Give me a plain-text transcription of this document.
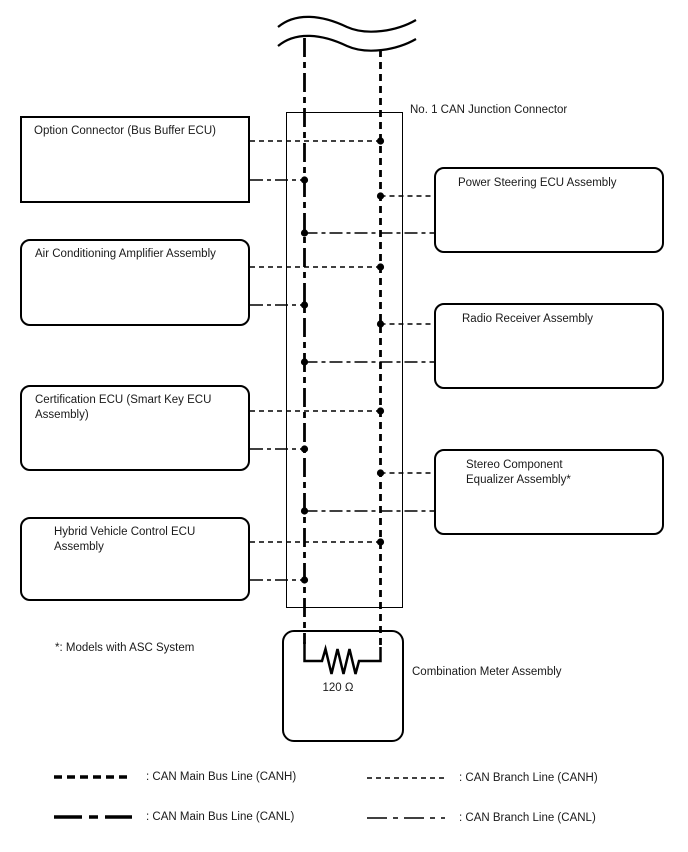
Option Connector (Bus Buffer ECU)
Air Conditioning Amplifier Assembly
Certification ECU (Smart Key ECU Assembly)
Hybrid Vehicle Control ECU Assembly
Power Steering ECU Assembly
Radio Receiver Assembly
Stereo Component Equalizer Assembly*
No. 1 CAN Junction Connector
*: Models with ASC System
120 Ω
Combination Meter Assembly
: CAN Main Bus Line (CANH)
: CAN Main Bus Line (CANL)
: CAN Branch Line (CANH)
: CAN Branch Line (CANL)
